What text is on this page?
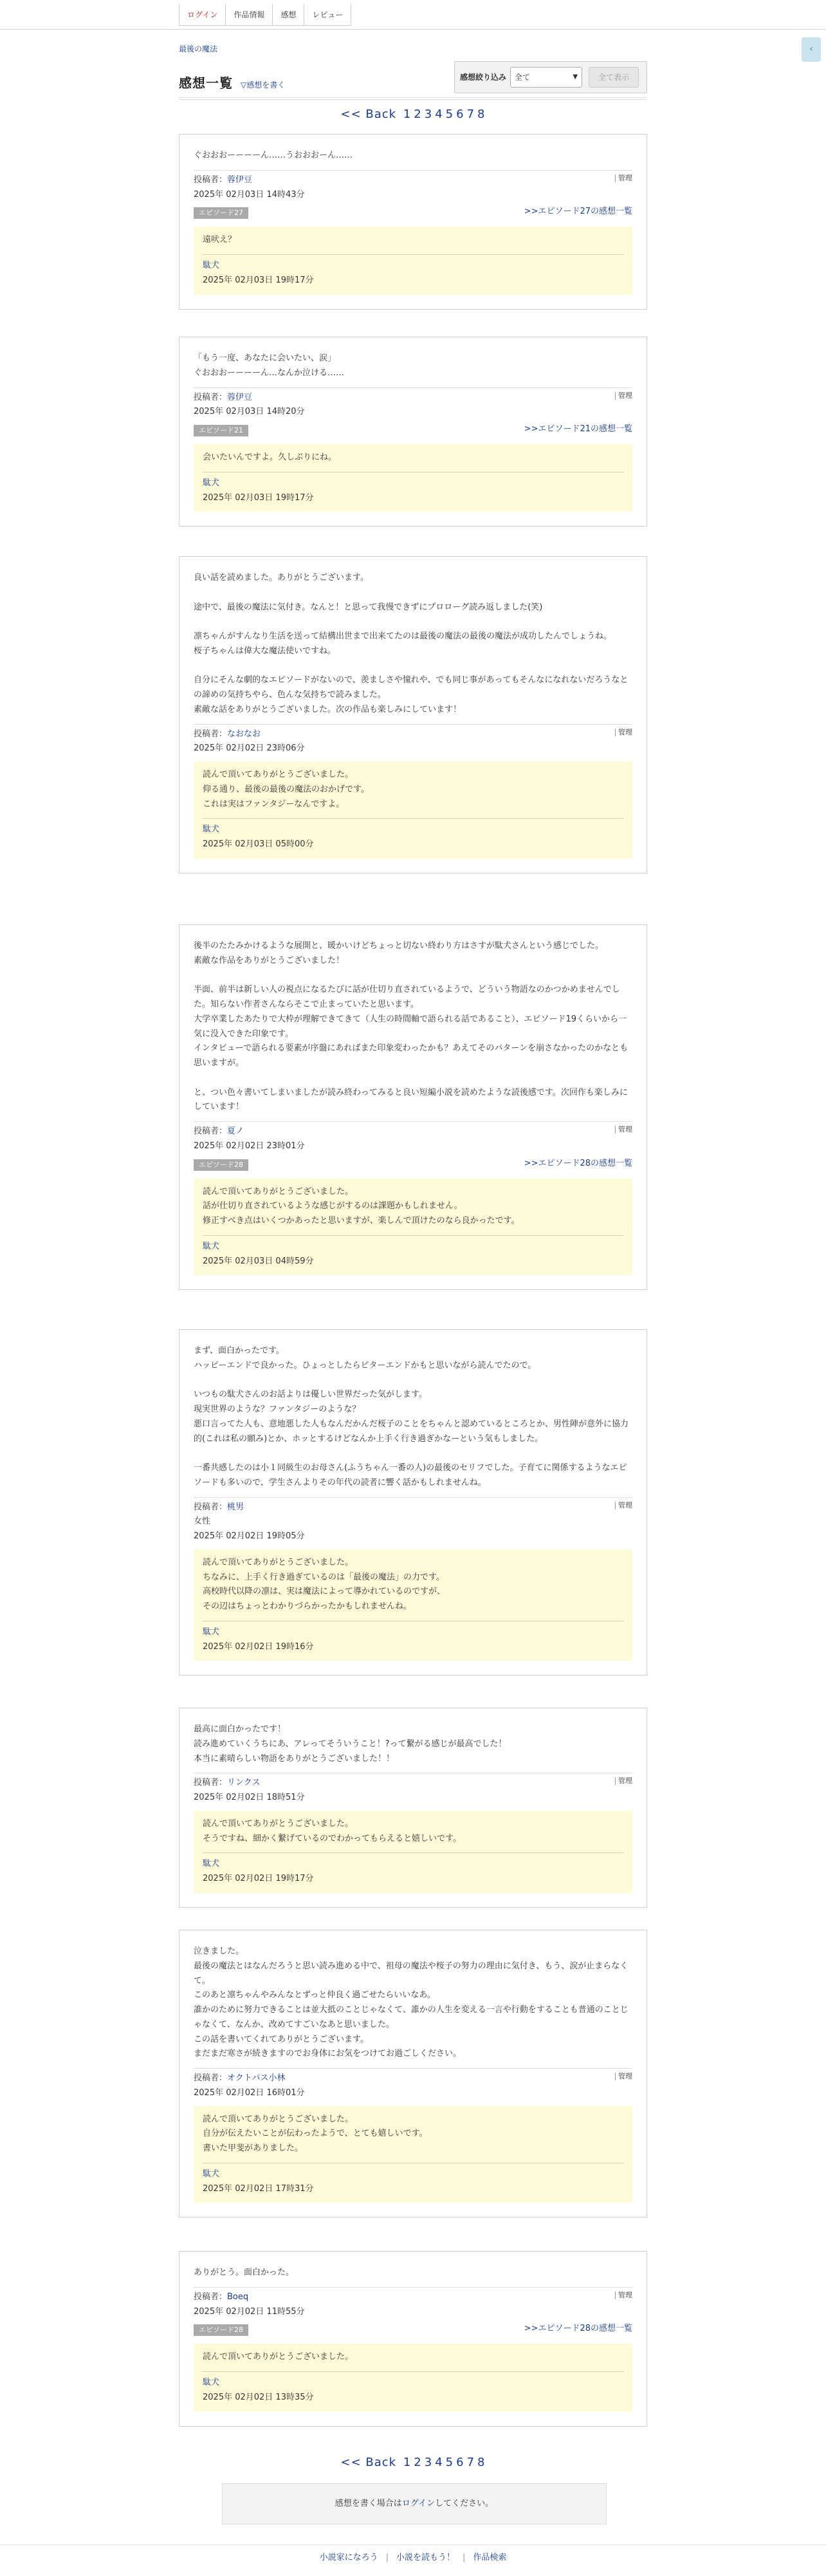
ログイン	作品情報	感想	レビュー
‹
最後の魔法
感想一覧 ▽感想を書く
感想絞り込み 全て	▼	全て表示
<< Back 1 2 3 4 5 6 7 8
ぐおおおーーーーん……うおおおーん……
管理
投稿者：蓉伊豆
2025年 02月03日 14時43分
エピソード27	>>エピソード27の感想一覧
遠吠え？
駄犬
2025年 02月03日 19時17分
「もう一度、あなたに会いたい、涙」
ぐおおおーーーーん…なんか泣ける……
管理
投稿者：蓉伊豆
2025年 02月03日 14時20分
エピソード21	>>エピソード21の感想一覧
会いたいんですよ。久しぶりにね。
駄犬
2025年 02月03日 19時17分
良い話を読めました。ありがとうございます。

途中で、最後の魔法に気付き。なんと！と思って我慢できずにプロローグ読み返しました(笑)

凛ちゃんがすんなり生活を送って結構出世まで出来てたのは最後の魔法の最後の魔法が成功したんでしょうね。
桜子ちゃんは偉大な魔法使いですね。

自分にそんな劇的なエピソードがないので、羨ましさや憧れや、でも同じ事があってもそんなになれないだろうなとの諦めの気持ちやら、色んな気持ちで読みました。
素敵な話をありがとうございました。次の作品も楽しみにしています！
管理
投稿者：なおなお
2025年 02月02日 23時06分
読んで頂いてありがとうございました。
仰る通り、最後の最後の魔法のおかげです。
これは実はファンタジーなんですよ。
駄犬
2025年 02月03日 05時00分
後半のたたみかけるような展開と、暖かいけどちょっと切ない終わり方はさすが駄犬さんという感じでした。
素敵な作品をありがとうございました！

半面、前半は新しい人の視点になるたびに話が仕切り直されているようで、どういう物語なのかつかめませんでした。知らない作者さんならそこで止まっていたと思います。
大学卒業したあたりで大枠が理解できてきて（人生の時間軸で語られる話であること）、エピソード19くらいから一気に没入できた印象です。
インタビューで語られる要素が序盤にあればまた印象変わったかも？あえてそのパターンを崩さなかったのかなとも思いますが。

と、つい色々書いてしまいましたが読み終わってみると良い短編小説を読めたような読後感です。次回作も楽しみにしています！
管理
投稿者：夏ノ
2025年 02月02日 23時01分
エピソード28	>>エピソード28の感想一覧
読んで頂いてありがとうございました。
話が仕切り直されているような感じがするのは課題かもしれません。
修正すべき点はいくつかあったと思いますが、楽しんで頂けたのなら良かったです。
駄犬
2025年 02月03日 04時59分
まず、面白かったです。
ハッピーエンドで良かった。ひょっとしたらビターエンドかもと思いながら読んでたので。

いつもの駄犬さんのお話よりは優しい世界だった気がします。
現実世界のような？ファンタジーのような？
悪口言ってた人も、意地悪した人もなんだかんだ桜子のことをちゃんと認めているところとか、男性陣が意外に協力的(これは私の願み)とか、ホッとするけどなんか上手く行き過ぎかなーという気もしました。

一番共感したのは小１同級生のお母さん(ふうちゃん一番の人)の最後のセリフでした。子育てに関係するようなエピソードも多いので、学生さんよりその年代の読者に響く話かもしれませんね。
管理
投稿者：桃男
女性
2025年 02月02日 19時05分
読んで頂いてありがとうございました。
ちなみに、上手く行き過ぎているのは「最後の魔法」の力です。
高校時代以降の凛は、実は魔法によって導かれているのですが、
その辺はちょっとわかりづらかったかもしれませんね。
駄犬
2025年 02月02日 19時16分
最高に面白かったです！
読み進めていくうちにあ、アレってそういうこと！?って繋がる感じが最高でした！
本当に素晴らしい物語をありがとうございました！！
管理
投稿者：リンクス
2025年 02月02日 18時51分
読んで頂いてありがとうございました。
そうですね、細かく繋げているのでわかってもらえると嬉しいです。
駄犬
2025年 02月02日 19時17分
泣きました。
最後の魔法とはなんだろうと思い読み進める中で、祖母の魔法や桜子の努力の理由に気付き、もう、涙が止まらなくて。
このあと凛ちゃんやみんなとずっと仲良く過ごせたらいいなあ。
誰かのために努力できることは並大抵のことじゃなくて、誰かの人生を変える一言や行動をすることも普通のことじゃなくて、なんか、改めてすごいなあと思いました。
この話を書いてくれてありがとうございます。
まだまだ寒さが続きますのでお身体にお気をつけてお過ごしください。
管理
投稿者：オクトパス小林
2025年 02月02日 16時01分
読んで頂いてありがとうございました。
自分が伝えたいことが伝わったようで、とても嬉しいです。
書いた甲斐がありました。
駄犬
2025年 02月02日 17時31分
ありがとう。面白かった。
管理
投稿者：Boeq
2025年 02月02日 11時55分
エピソード28	>>エピソード28の感想一覧
読んで頂いてありがとうございました。
駄犬
2025年 02月02日 13時35分
<< Back 1 2 3 4 5 6 7 8
感想を書く場合はログインしてください。
小説家になろう | 小説を読もう！ | 作品検索
